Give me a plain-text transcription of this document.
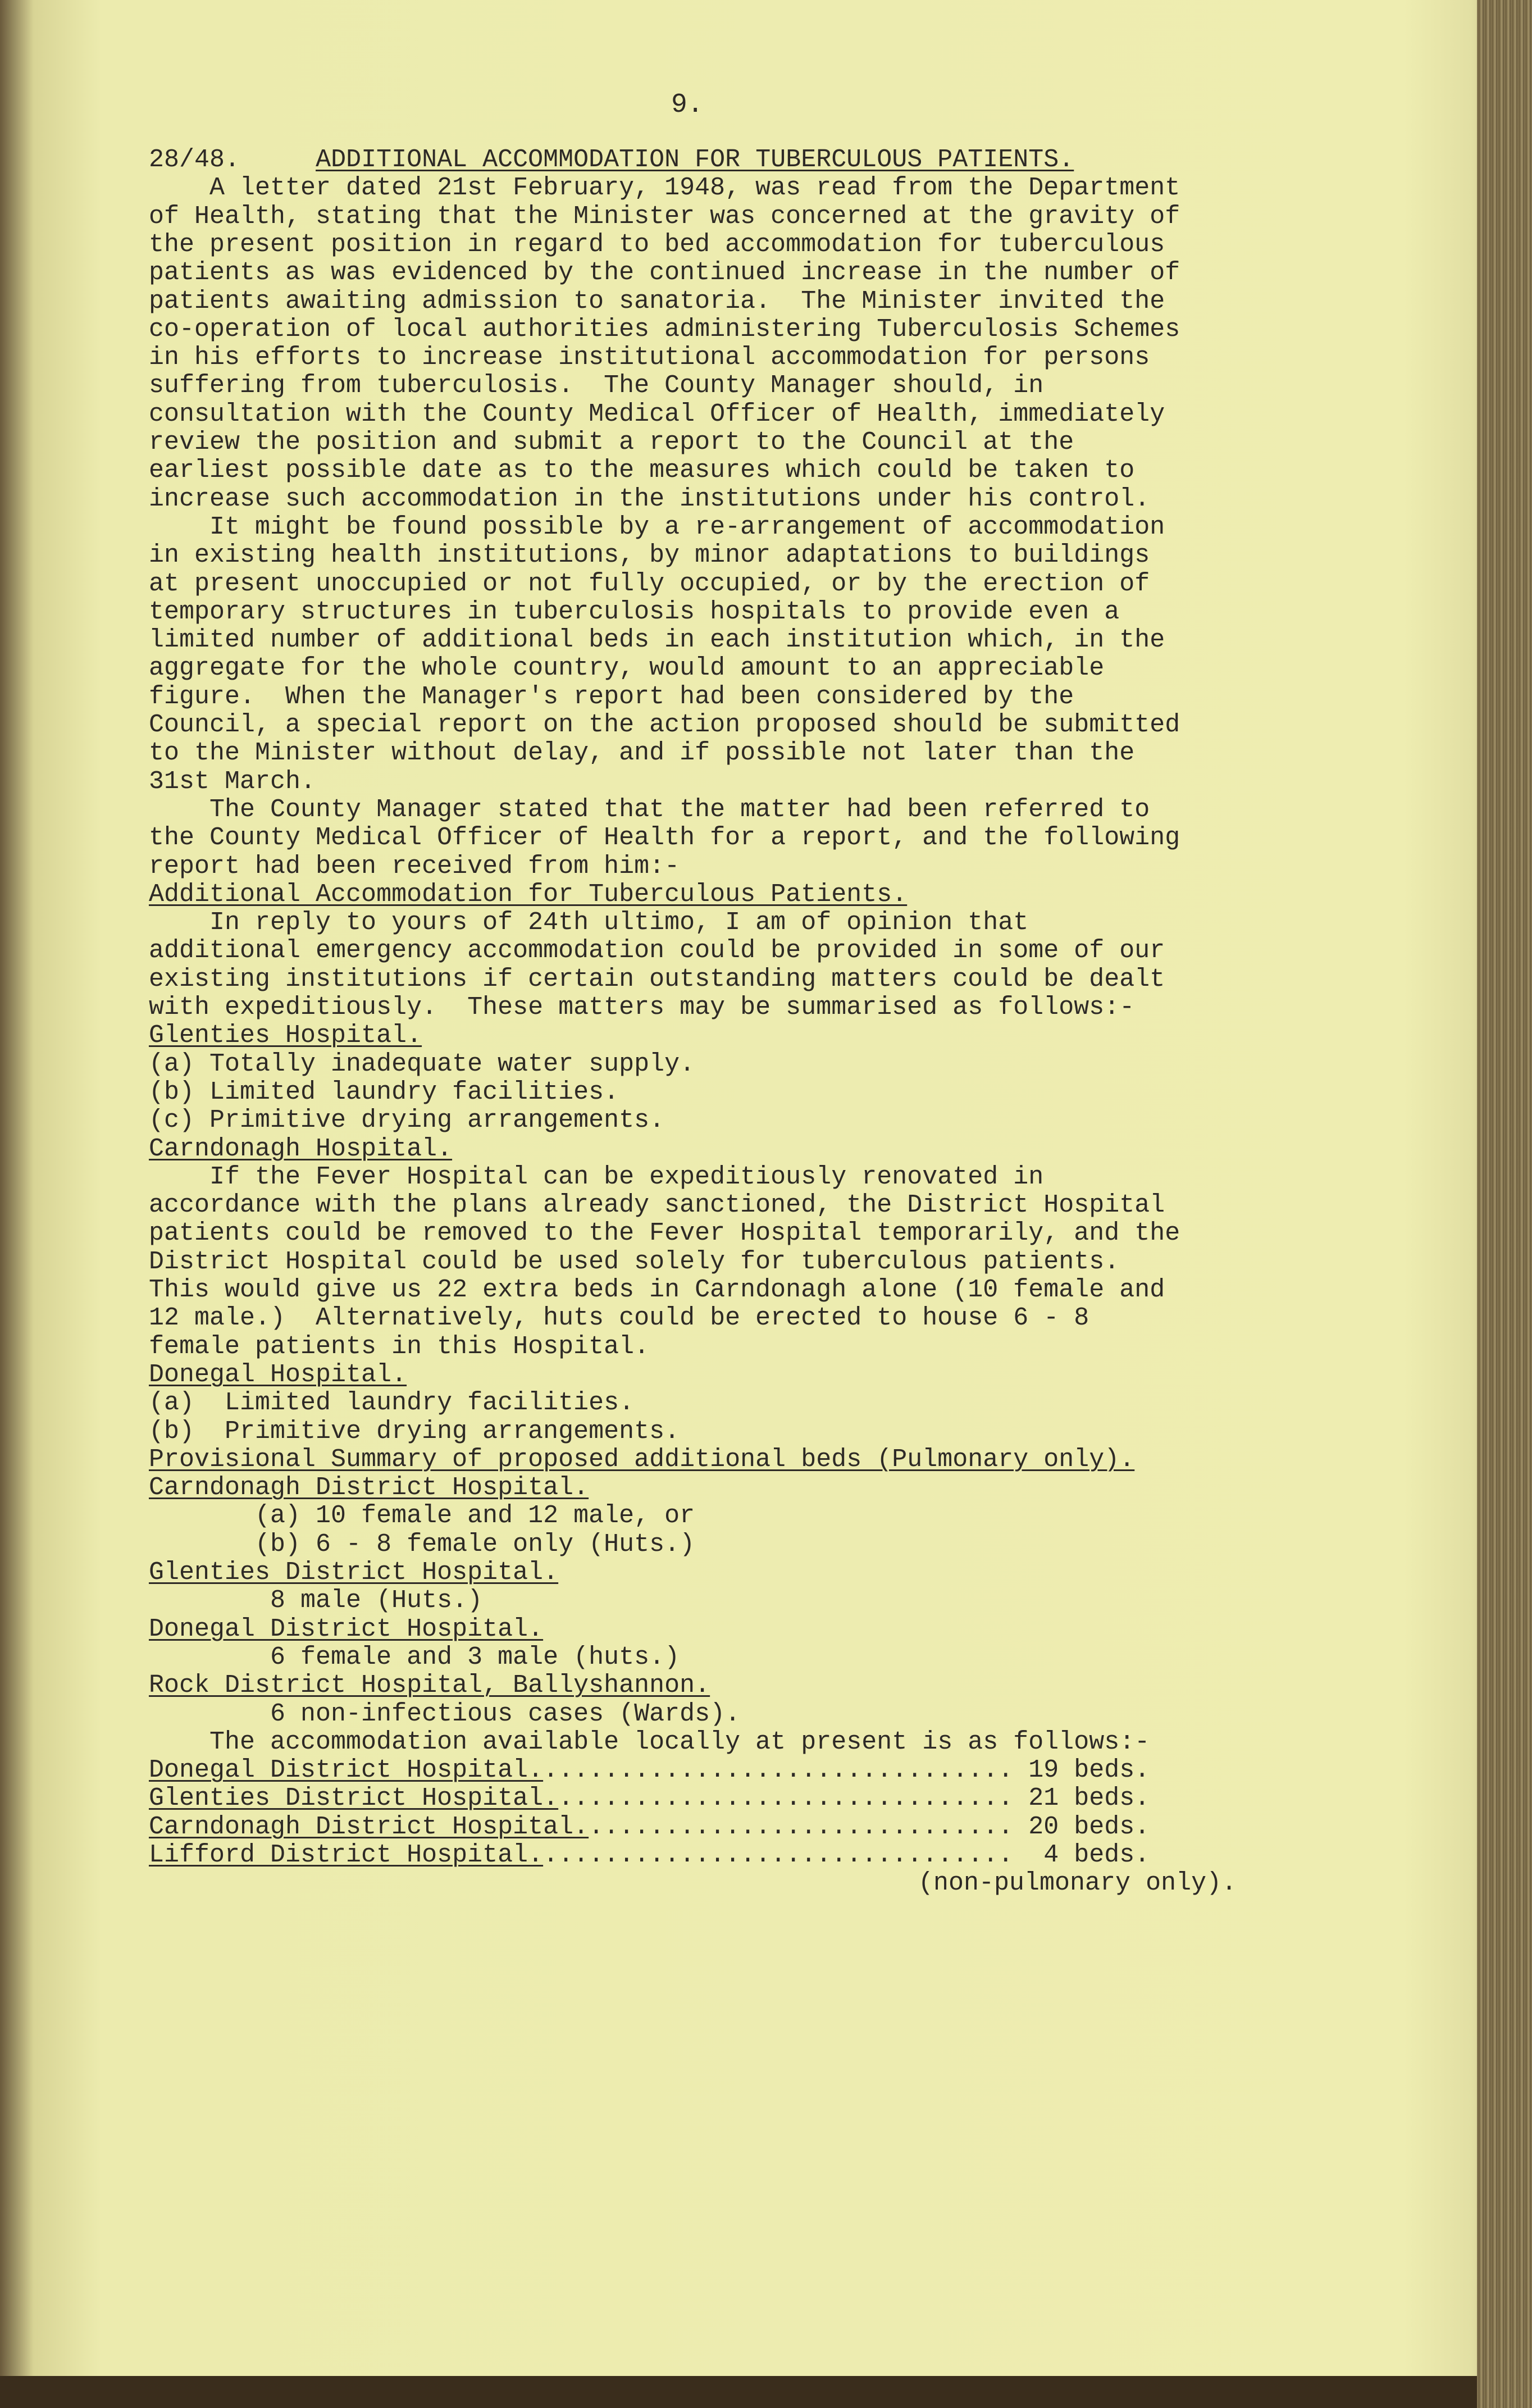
9.

28/48.	ADDITIONAL ACCOMMODATION FOR TUBERCULOUS PATIENTS.

A letter dated 21st February, 1948, was read from the Department
of Health, stating that the Minister was concerned at the gravity of
the present position in regard to bed accommodation for tuberculous
patients as was evidenced by the continued increase in the number of
patients awaiting admission to sanatoria.  The Minister invited the
co-operation of local authorities administering Tuberculosis Schemes
in his efforts to increase institutional accommodation for persons
suffering from tuberculosis.  The County Manager should, in
consultation with the County Medical Officer of Health, immediately
review the position and submit a report to the Council at the
earliest possible date as to the measures which could be taken to
increase such accommodation in the institutions under his control.
It might be found possible by a re-arrangement of accommodation
in existing health institutions, by minor adaptations to buildings
at present unoccupied or not fully occupied, or by the erection of
temporary structures in tuberculosis hospitals to provide even a
limited number of additional beds in each institution which, in the
aggregate for the whole country, would amount to an appreciable
figure.  When the Manager's report had been considered by the
Council, a special report on the action proposed should be submitted
to the Minister without delay, and if possible not later than the
31st March.
The County Manager stated that the matter had been referred to
the County Medical Officer of Health for a report, and the following
report had been received from him:-
Additional Accommodation for Tuberculous Patients.
In reply to yours of 24th ultimo, I am of opinion that
additional emergency accommodation could be provided in some of our
existing institutions if certain outstanding matters could be dealt
with expeditiously.  These matters may be summarised as follows:-
Glenties Hospital.
(a) Totally inadequate water supply.
(b) Limited laundry facilities.
(c) Primitive drying arrangements.
Carndonagh Hospital.
If the Fever Hospital can be expeditiously renovated in
accordance with the plans already sanctioned, the District Hospital
patients could be removed to the Fever Hospital temporarily, and the
District Hospital could be used solely for tuberculous patients.
This would give us 22 extra beds in Carndonagh alone (10 female and
12 male.)  Alternatively, huts could be erected to house 6 - 8
female patients in this Hospital.
Donegal Hospital.
(a)  Limited laundry facilities.
(b)  Primitive drying arrangements.
Provisional Summary of proposed additional beds (Pulmonary only).
Carndonagh District Hospital.
(a) 10 female and 12 male, or
(b) 6 - 8 female only (Huts.)
Glenties District Hospital.
8 male (Huts.)
Donegal District Hospital.
6 female and 3 male (huts.)
Rock District Hospital, Ballyshannon.
6 non-infectious cases (Wards).
The accommodation available locally at present is as follows:-

Donegal District Hospital................................ 19 beds.
Glenties District Hospital............................... 21 beds.
Carndonagh District Hospital............................. 20 beds.
Lifford District Hospital................................  4 beds.

(non-pulmonary only).
